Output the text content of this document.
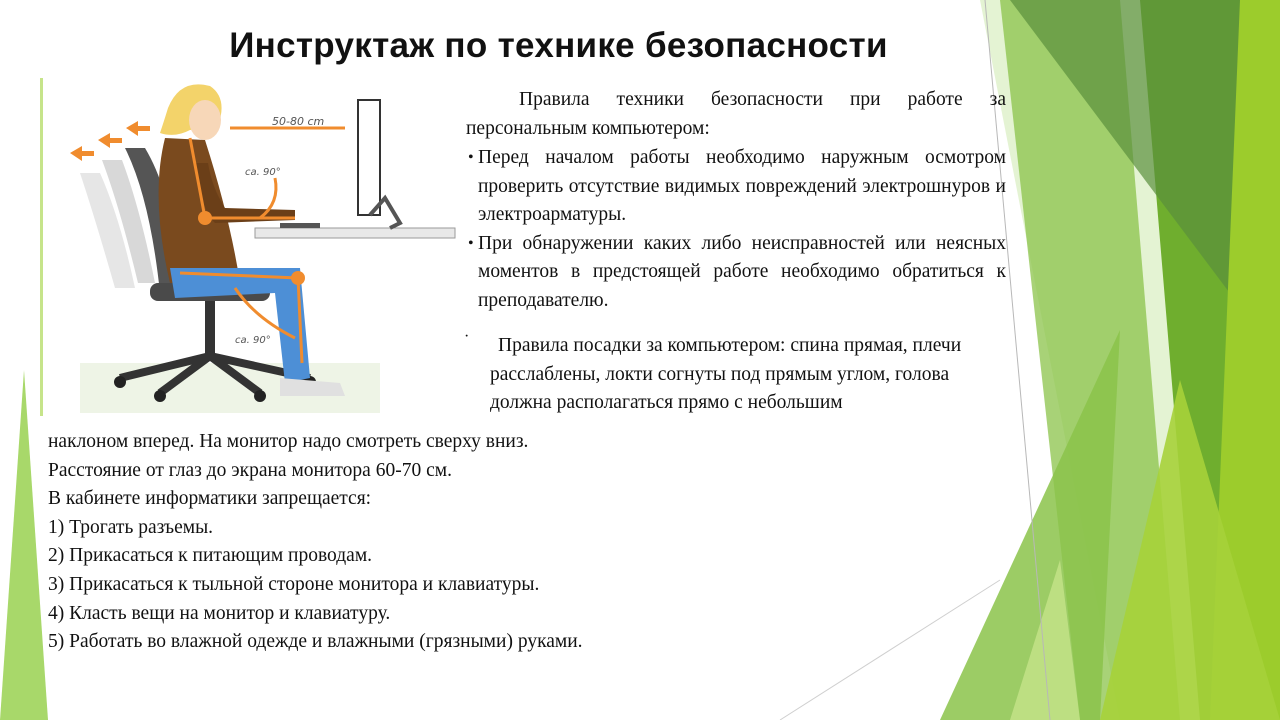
Инструктаж по технике безопасности
50-80 cm
ca. 90°
ca. 90°
Правила техники безопасности при работе за персональным компьютером:
• Перед началом работы необходимо наружным осмотром проверить отсутствие видимых повреждений электрошнуров и электроарматуры.
• При обнаружении каких либо неисправностей или неясных моментов в предстоящей работе необходимо обратиться к преподавателю.
·	Правила посадки за компьютером: спина прямая, плечи расслаблены, локти согнуты под прямым углом, голова должна располагаться прямо с небольшим
наклоном вперед. На монитор надо смотреть сверху вниз.
Расстояние от глаз до экрана монитора 60-70 см.
В кабинете информатики запрещается:
1) Трогать разъемы.
2) Прикасаться к питающим проводам.
3) Прикасаться к тыльной стороне монитора и клавиатуры.
4) Класть вещи на монитор и клавиатуру.
5) Работать во влажной одежде и влажными (грязными) руками.
